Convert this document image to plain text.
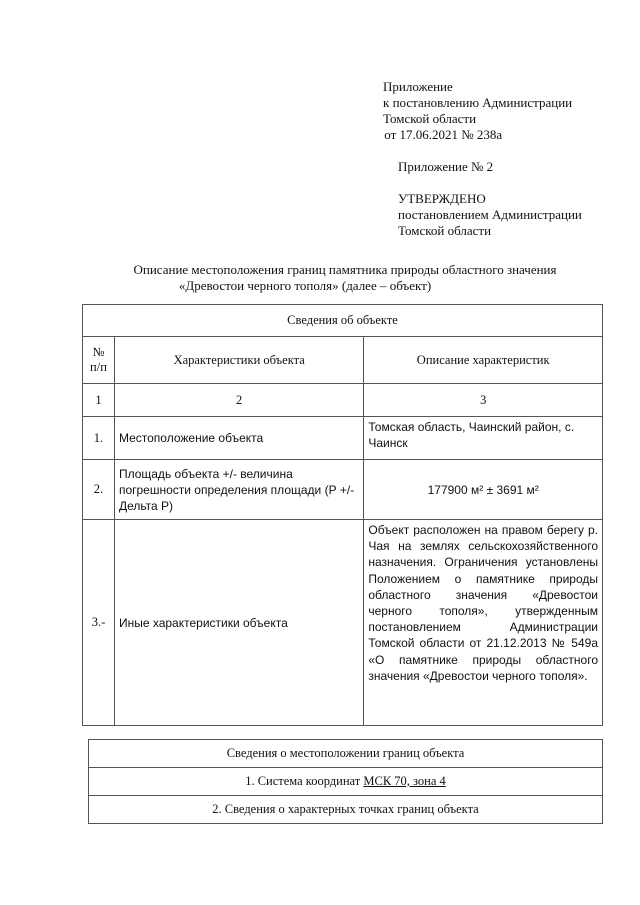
Приложение
к постановлению Администрации
Томской области
от 17.06.2021 № 238а
Приложение № 2
УТВЕРЖДЕНО
постановлением Администрации
Томской области
Описание местоположения границ памятника природы областного значения
«Древостои черного тополя» (далее – объект)
Сведения об объекте		
№ п/п	Характеристики объекта	Описание характеристик
1	2	3
1.	Местоположение объекта	Томская область, Чаинский район, с. Чаинск
2.	Площадь объекта +/- величина погрешности определения площади (Р +/- Дельта Р)	177900 м² ± 3691 м²
3.-	Иные характеристики объекта	Объект расположен на правом берегу р. Чая на землях сельскохозяйственного назначения. Ограничения установлены Положением о памятнике природы областного значения «Древостои черного тополя», утвержденным постановлением Администрации Томской области от 21.12.2013 № 549а «О памятнике природы областного значения «Древостои черного тополя».
Сведения о местоположении границ объекта
1. Система координат МСК 70, зона 4
2. Сведения о характерных точках границ объекта
